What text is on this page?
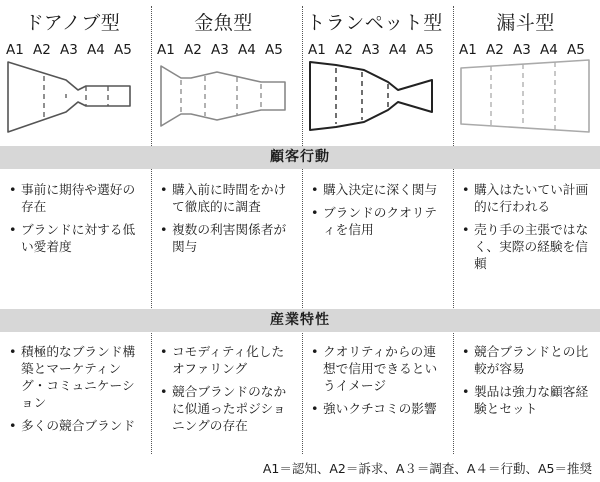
ドアノブ型
A1 A2 A3 A4 A5
金魚型
A1 A2 A3 A4 A5
トランペット型
A1 A2 A3 A4 A5
漏斗型
A1 A2 A3 A4 A5
顧客行動
• 事前に期待や選好の存在
• ブランドに対する低い愛着度
• 購入前に時間をかけて徹底的に調査
• 複数の利害関係者が関与
• 購入決定に深く関与
• ブランドのクオリティを信用
• 購入はたいてい計画的に行われる
• 売り手の主張ではなく、実際の経験を信頼
産業特性
• 積極的なブランド構築とマーケティング・コミュニケーション
• 多くの競合ブランド
• コモディティ化したオファリング
• 競合ブランドのなかに似通ったポジショニングの存在
• クオリティからの連想で信用できるというイメージ
• 強いクチコミの影響
• 競合ブランドとの比較が容易
• 製品は強力な顧客経験とセット
A1＝認知、A2＝訴求、A３＝調査、A４＝行動、A5＝推奨
